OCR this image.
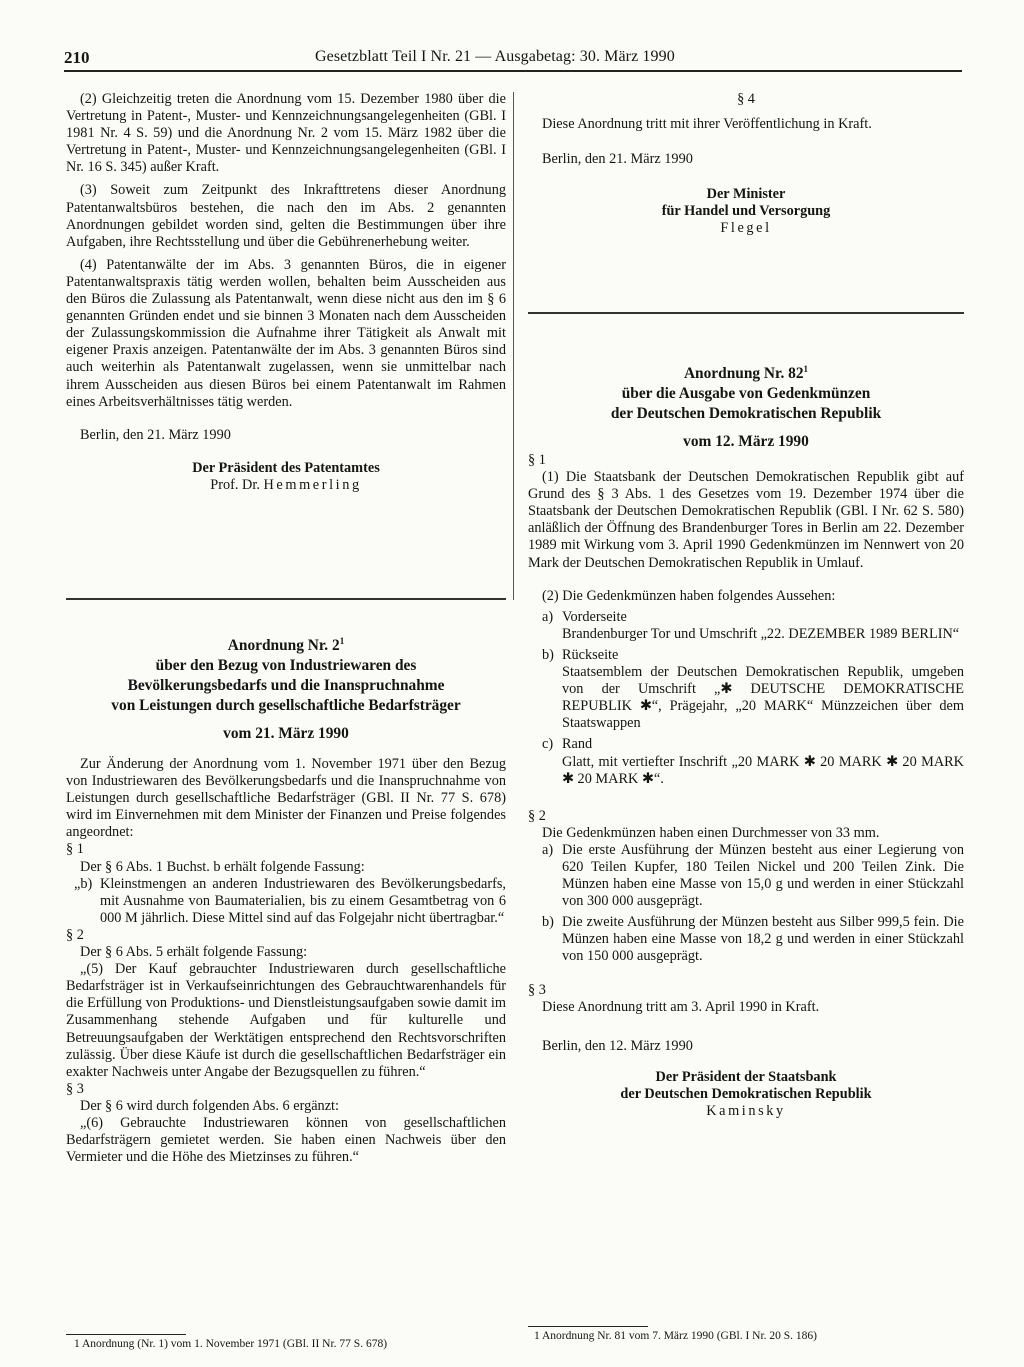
210	Gesetzblatt Teil I Nr. 21 — Ausgabetag: 30. März 1990

(2) Gleichzeitig treten die Anordnung vom 15. Dezember 1980 über die Vertretung in Patent-, Muster- und Kennzeichnungsangelegenheiten (GBl. I 1981 Nr. 4 S. 59) und die Anordnung Nr. 2 vom 15. März 1982 über die Vertretung in Patent-, Muster- und Kennzeichnungsangelegenheiten (GBl. I Nr. 16 S. 345) außer Kraft.

(3) Soweit zum Zeitpunkt des Inkrafttretens dieser Anordnung Patentanwaltsbüros bestehen, die nach den im Abs. 2 genannten Anordnungen gebildet worden sind, gelten die Bestimmungen über ihre Aufgaben, ihre Rechtsstellung und über die Gebührenerhebung weiter.

(4) Patentanwälte der im Abs. 3 genannten Büros, die in eigener Patentanwaltspraxis tätig werden wollen, behalten beim Ausscheiden aus den Büros die Zulassung als Patentanwalt, wenn diese nicht aus den im § 6 genannten Gründen endet und sie binnen 3 Monaten nach dem Ausscheiden der Zulassungskommission die Aufnahme ihrer Tätigkeit als Anwalt mit eigener Praxis anzeigen. Patentanwälte der im Abs. 3 genannten Büros sind auch weiterhin als Patentanwalt zugelassen, wenn sie unmittelbar nach ihrem Ausscheiden aus diesen Büros bei einem Patentanwalt im Rahmen eines Arbeitsverhältnisses tätig werden.

Berlin, den 21. März 1990

Der Präsident des Patentamtes

Prof. Dr. Hemmerling

Anordnung Nr. $2^1$
über den Bezug von Industriewaren des
Bevölkerungsbedarfs und die Inanspruchnahme
von Leistungen durch gesellschaftliche Bedarfsträger
vom 21. März 1990

Zur Änderung der Anordnung vom 1. November 1971 über den Bezug von Industriewaren des Bevölkerungsbedarfs und die Inanspruchnahme von Leistungen durch gesellschaftliche Bedarfsträger (GBl. II Nr. 77 S. 678) wird im Einvernehmen mit dem Minister der Finanzen und Preise folgendes angeordnet:

§ 1

Der § 6 Abs. 1 Buchst. b erhält folgende Fassung:

„b) Kleinstmengen an anderen Industriewaren des Bevölkerungsbedarfs, mit Ausnahme von Baumaterialien, bis zu einem Gesamtbetrag von 6 000 M jährlich. Diese Mittel sind auf das Folgejahr nicht übertragbar.“

§ 2

Der § 6 Abs. 5 erhält folgende Fassung:

„(5) Der Kauf gebrauchter Industriewaren durch gesellschaftliche Bedarfsträger ist in Verkaufseinrichtungen des Gebrauchtwarenhandels für die Erfüllung von Produktions- und Dienstleistungsaufgaben sowie damit im Zusammenhang stehende Aufgaben und für kulturelle und Betreuungsaufgaben der Werktätigen entsprechend den Rechtsvorschriften zulässig. Über diese Käufe ist durch die gesellschaftlichen Bedarfsträger ein exakter Nachweis unter Angabe der Bezugsquellen zu führen.“

§ 3

Der § 6 wird durch folgenden Abs. 6 ergänzt:

„(6) Gebrauchte Industriewaren können von gesellschaftlichen Bedarfsträgern gemietet werden. Sie haben einen Nachweis über den Vermieter und die Höhe des Mietzinses zu führen.“

1 Anordnung (Nr. 1) vom 1. November 1971 (GBl. II Nr. 77 S. 678)

§ 4

Diese Anordnung tritt mit ihrer Veröffentlichung in Kraft.

Berlin, den 21. März 1990

Der Minister

für Handel und Versorgung

Flegel

Anordnung Nr. $82^1$
über die Ausgabe von Gedenkmünzen
der Deutschen Demokratischen Republik
vom 12. März 1990

§ 1

(1) Die Staatsbank der Deutschen Demokratischen Republik gibt auf Grund des § 3 Abs. 1 des Gesetzes vom 19. Dezember 1974 über die Staatsbank der Deutschen Demokratischen Republik (GBl. I Nr. 62 S. 580) anläßlich der Öffnung des Brandenburger Tores in Berlin am 22. Dezember 1989 mit Wirkung vom 3. April 1990 Gedenkmünzen im Nennwert von 20 Mark der Deutschen Demokratischen Republik in Umlauf.

(2) Die Gedenkmünzen haben folgendes Aussehen:

a) Vorderseite
Brandenburger Tor und Umschrift „22. DEZEMBER 1989 BERLIN“
b) Rückseite
Staatsemblem der Deutschen Demokratischen Republik, umgeben von der Umschrift „✱ DEUTSCHE DEMOKRATISCHE REPUBLIK ✱“, Prägejahr, „20 MARK“ Münzzeichen über dem Staatswappen
c) Rand
Glatt, mit vertiefter Inschrift „20 MARK ✱ 20 MARK ✱ 20 MARK ✱ 20 MARK ✱“.

§ 2

Die Gedenkmünzen haben einen Durchmesser von 33 mm.

a) Die erste Ausführung der Münzen besteht aus einer Legierung von 620 Teilen Kupfer, 180 Teilen Nickel und 200 Teilen Zink. Die Münzen haben eine Masse von 15,0 g und werden in einer Stückzahl von 300 000 ausgeprägt.
b) Die zweite Ausführung der Münzen besteht aus Silber 999,5 fein. Die Münzen haben eine Masse von 18,2 g und werden in einer Stückzahl von 150 000 ausgeprägt.

§ 3

Diese Anordnung tritt am 3. April 1990 in Kraft.

Berlin, den 12. März 1990

Der Präsident der Staatsbank

der Deutschen Demokratischen Republik

Kaminsky

1 Anordnung Nr. 81 vom 7. März 1990 (GBl. I Nr. 20 S. 186)
